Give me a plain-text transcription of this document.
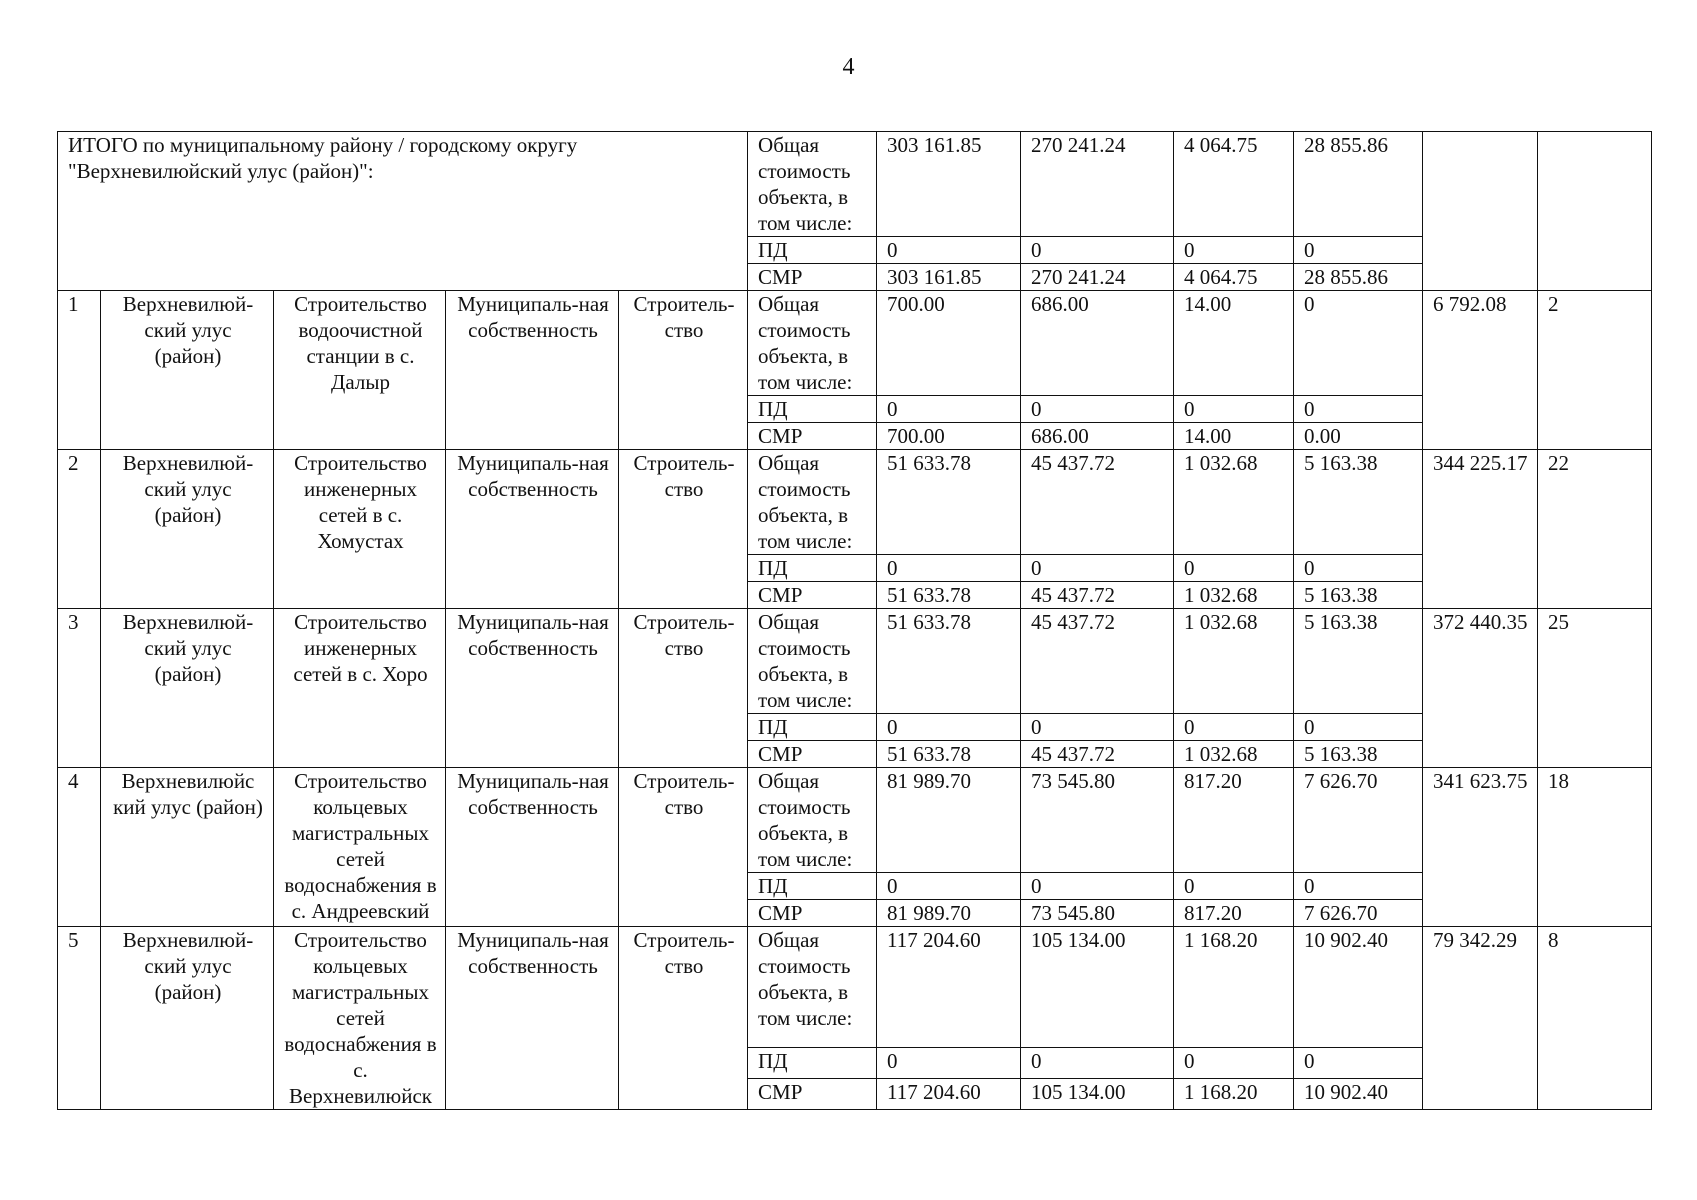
4
ИТОГО по муниципальному району / городскому округу "Верхневилюйский улус (район)":					Общая стоимость объекта, в том числе:	303 161.85	270 241.24	4 064.75	28 855.86		
					ПД	0	0	0	0		
					СМР	303 161.85	270 241.24	4 064.75	28 855.86		
1	Верхневилюй-ский улус (район)	Строительство водоочистной станции в с. Далыр	Муниципаль-ная собственность	Строитель-ство	Общая стоимость объекта, в том числе:	700.00	686.00	14.00	0	6 792.08	2
					ПД	0	0	0	0		
					СМР	700.00	686.00	14.00	0.00		
2	Верхневилюй-ский улус (район)	Строительство инженерных сетей в с. Хомустах	Муниципаль-ная собственность	Строитель-ство	Общая стоимость объекта, в том числе:	51 633.78	45 437.72	1 032.68	5 163.38	344 225.17	22
					ПД	0	0	0	0		
					СМР	51 633.78	45 437.72	1 032.68	5 163.38		
3	Верхневилюй-ский улус (район)	Строительство инженерных сетей в с. Хоро	Муниципаль-ная собственность	Строитель-ство	Общая стоимость объекта, в том числе:	51 633.78	45 437.72	1 032.68	5 163.38	372 440.35	25
					ПД	0	0	0	0		
					СМР	51 633.78	45 437.72	1 032.68	5 163.38		
4	Верхневилюйс кий улус (район)	Строительство кольцевых магистральных сетей водоснабжения в с. Андреевский	Муниципаль-ная собственность	Строитель-ство	Общая стоимость объекта, в том числе:	81 989.70	73 545.80	817.20	7 626.70	341 623.75	18
					ПД	0	0	0	0		
					СМР	81 989.70	73 545.80	817.20	7 626.70		
5	Верхневилюй-ский улус (район)	Строительство кольцевых магистральных сетей водоснабжения в с. Верхневилюйск	Муниципаль-ная собственность	Строитель-ство	Общая стоимость объекта, в том числе:	117 204.60	105 134.00	1 168.20	10 902.40	79 342.29	8
					ПД	0	0	0	0		
					СМР	117 204.60	105 134.00	1 168.20	10 902.40		
